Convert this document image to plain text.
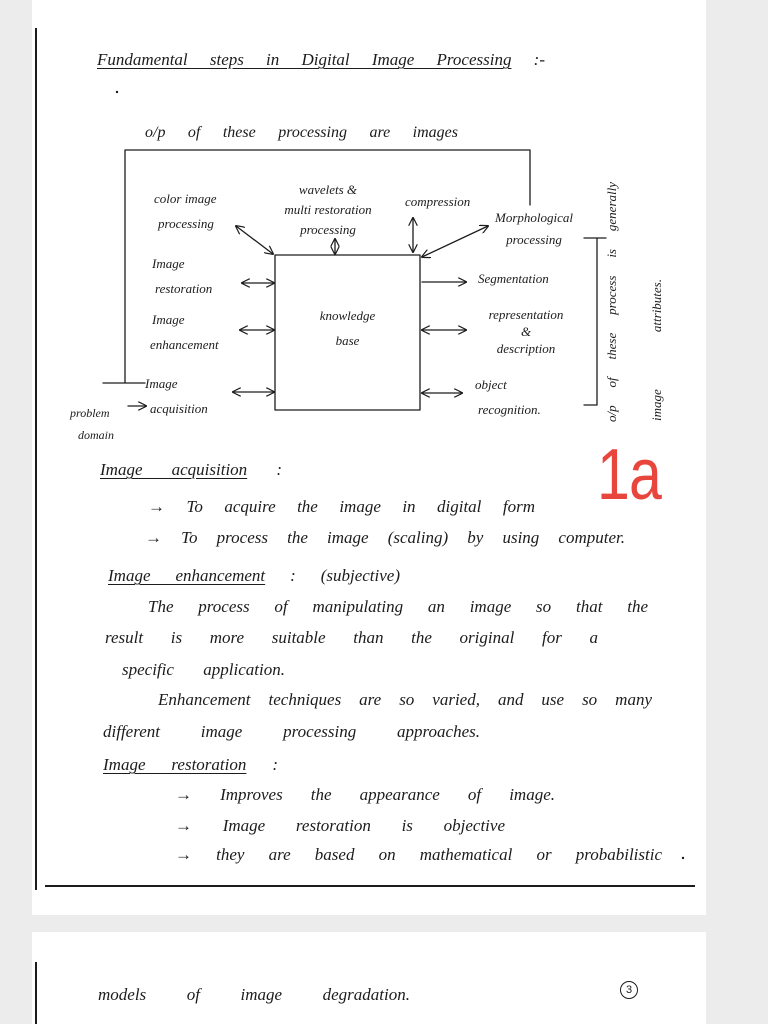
Fundamental steps in Digital Image Processing :-
o/p of these processing are images
knowledge
base
color image
processing
wavelets &
multi restoration
processing
compression
Morphological
processing
Image
restoration
Image
enhancement
Image
acquisition
Segmentation
representation
&
description
object
recognition.
problem
domain
o/p of these process is generally image attributes.
1a
Image acquisition :
→ To acquire the image in digital form
→ To process the image (scaling) by using computer.
Image enhancement : (subjective)
The process of manipulating an image so that the
result is more suitable than the original for a
specific application.
Enhancement techniques are so varied, and use so many
different image processing approaches.
Image restoration :
→ Improves the appearance of image.
→ Image restoration is objective
→ they are based on mathematical or probabilistic
models of image degradation.	3
